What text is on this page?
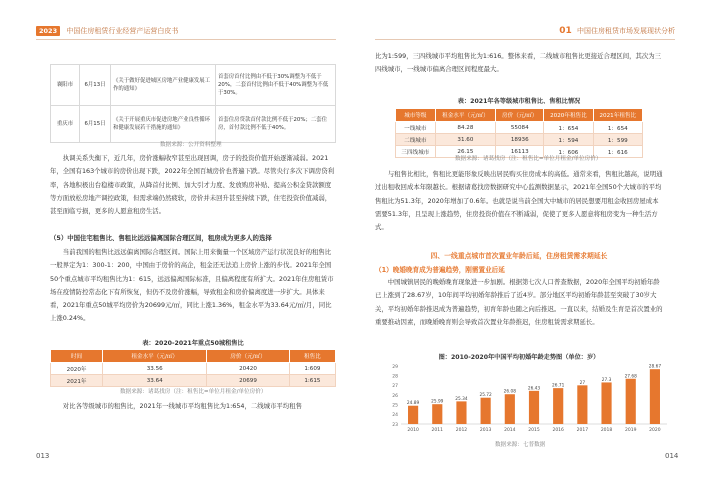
2023 中国住房租赁行业经营产运营白皮书
襄阳市	6月13日	《关于做好促进城区房地产业健康发展工作的通知》	首套房首付比例由不低于30%调整为不低于20%，二套首付比例由不低于40%调整为不低于30%。
重庆市	6月15日	《关于开展重庆市促进房地产业良性循环和健康发展若干措施的通知》	首套住房贷款首付款比例不低于20%；二套住房，首付款比例不低于40%。
数据来源：公开资料整理

执调关系失衡下，近几年，房价涨幅收窄甚至出现回调，房子的投资价值开始逐渐减弱。2021年，全国有163个城市的房价出现下跌，2022年全国百城房价也普遍下跌。尽管央行多次下调房贷利率，各地积极出台稳楼市政策，从降首付比例、加大引才力度、发放购房补贴、提高公积金贷款额度等方面放松房地产调控政策，但需求端仍然疲软，房价并未回升甚至持续下跌，住宅投资价值减弱，甚至面临亏损，更多的人愿意租房生活。

（5）中国住宅租售比、售租比远远偏离国际合理区间，租房成为更多人的选择

当前我国的租售比远远偏离国际合理区间。国际上用来衡量一个区域房产运行状况良好的租售比一般界定为1：300-1：200，中国由于房价的高企，租金还无法追上房价上涨的步伐。2021年全国50个重点城市平均租售比为1：615，远远偏离国际标准，且偏离程度有所扩大。2021年住房租赁市场在疫情防控常态化下有所恢复，但仍不及房价涨幅，导致租金和房价偏离度进一步扩大。具体来看，2021年重点50城平均房价为20699元/㎡，同比上涨1.36%，租金水平为33.64元/㎡/月，同比上涨0.24%。

表：2020-2021年重点50城租售比
时间	租金水平（元/㎡）	房价（元/㎡）	租售比
2020年	33.56	20420	1:609
2021年	33.64	20699	1:615
数据来源：诸葛找房（注：租售比=单位月租金/单位房价）

对比各等级城市的租售比，2021年一线城市平均租售比为1:654，二线城市平均租售

013
01 中国住房租赁市场发展现状分析

比为1:599，三四线城市平均租售比为1:616。整体来看，二线城市租售比更接近合理区间，其次为三四线城市，一线城市偏离合理区间程度最大。

表：2021年各等级城市租售比、售租比情况
城市等级	租金水平（元/㎡）	房价（元/㎡）	2020年租售比	2021年租售比
一线城市	84.28	55084	1：654	1：654
二线城市	31.60	18936	1：594	1：599
三四线城市	26.15	16113	1：606	1：616
数据来源：诸葛找房（注：租售比=单位月租金/单位房价）

与租售比相比，售租比更能形象反映出居民购买住房成本的高低。通常来看，售租比越高，说明通过出租收回成本年限越长。根据诸葛找房数据研究中心监测数据显示，2021年全国50个大城市的平均售租比为51.3年，2020年增加了0.6年。也就是说当前全国大中城市的居民想要用租金收回房屋成本需要51.3年，且呈现上涨趋势，住房投资价值在不断减弱，促使了更多人愿意将租房变为一种生活方式。

四、一线重点城市首次置业年龄后延，住房租赁需求期延长
（1）晚婚晚育成为普遍趋势，刚需置业后延

中国城镇居民的晚婚晚育现象进一步加剧。根据第七次人口普查数据，2020年全国平均初婚年龄已上涨到了28.67岁，10年间平均初婚年龄推后了近4岁。部分地区平均初婚年龄甚至突破了30岁大关，平均初婚年龄推迟成为普遍趋势，初育年龄也随之向后推迟。一直以来，结婚及生育是首次置业的重要推动因素，而晚婚晚育则会导致首次置业年龄推迟，住房租赁需求期延长。

图：2010-2020年中国平均初婚年龄走势图（单位：岁）
29
28
27
26
25
24
23
24.89	25.99
25.34
25.72
26.08
26.43
26.71
27
27.3
27.68
28.67
2010	2011	2012	2013	2014	2015	2016	2017	2018	2019	2020
数据来源：七普数据
014
